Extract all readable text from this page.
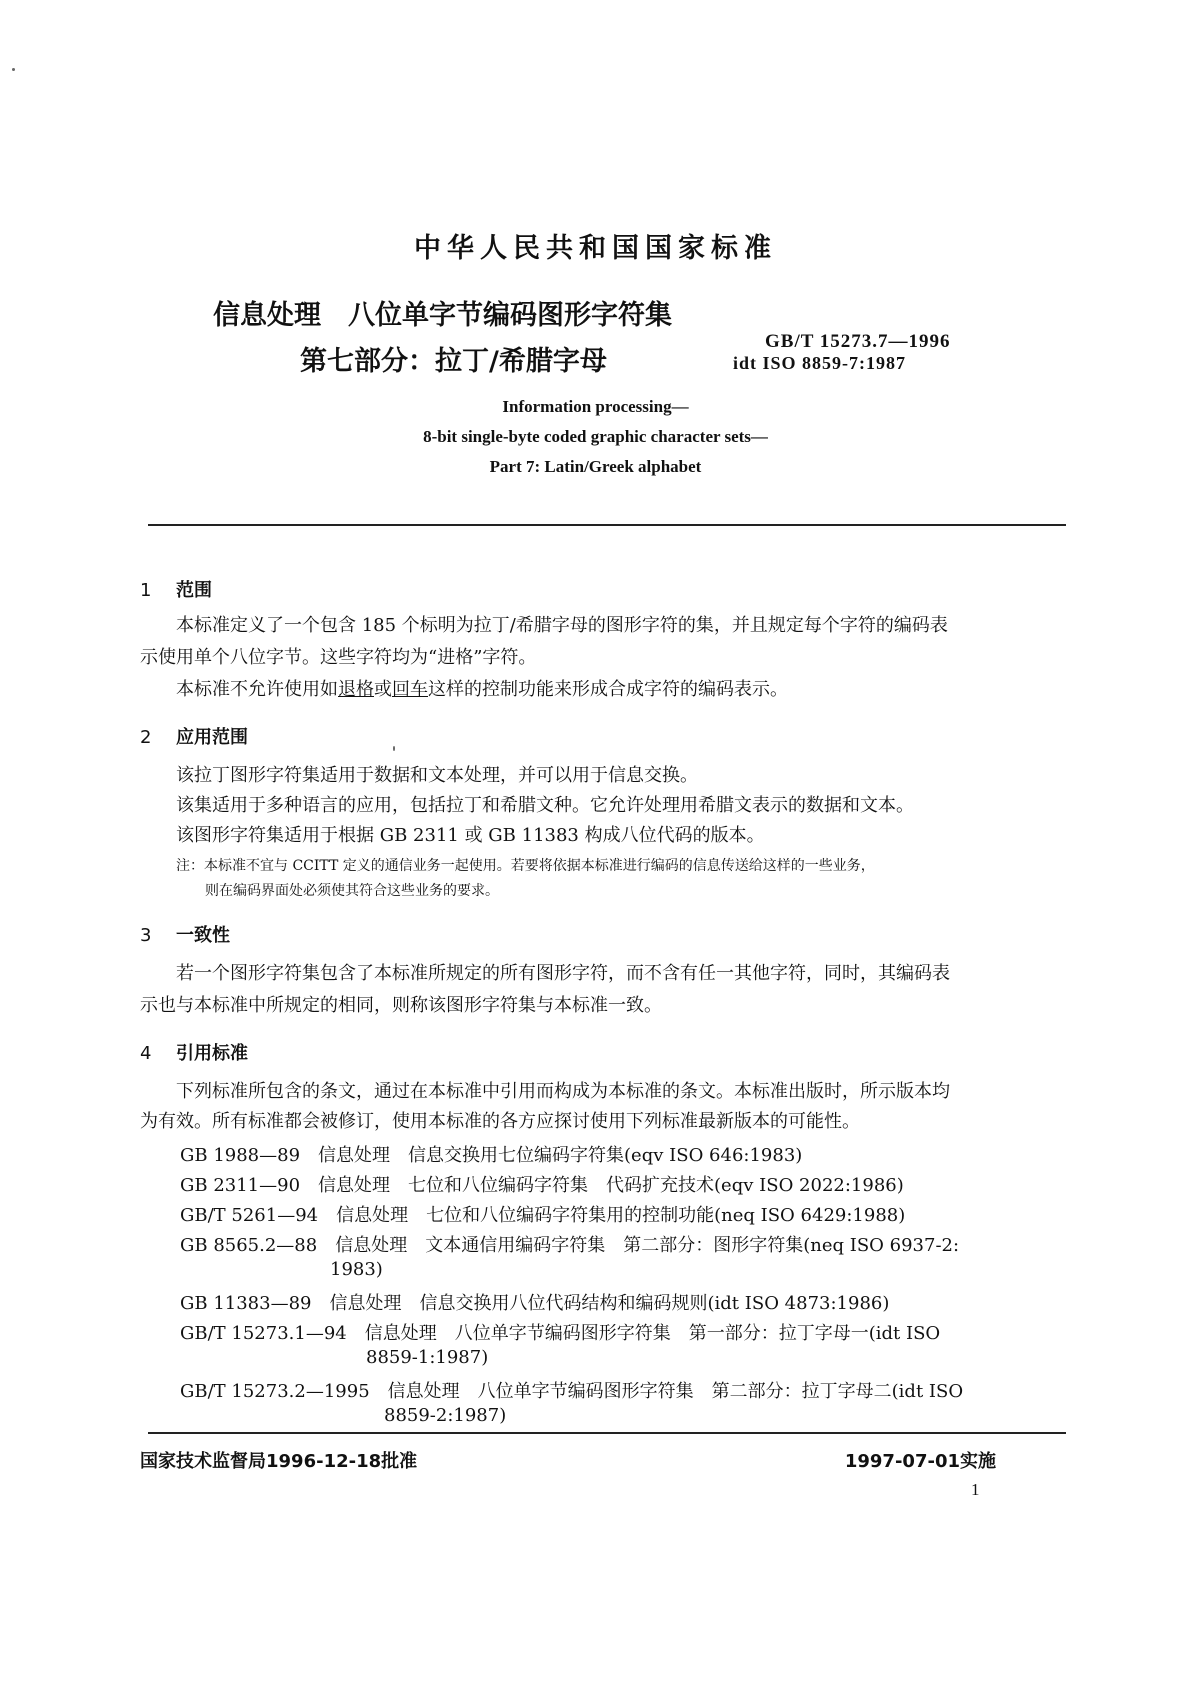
中华人民共和国国家标准
信息处理　八位单字节编码图形字符集
第七部分：拉丁/希腊字母
GB/T 15273.7—1996
idt ISO 8859-7:1987
Information processing—
8-bit single-byte coded graphic character sets—
Part 7: Latin/Greek alphabet
1 范围
本标准定义了一个包含 185 个标明为拉丁/希腊字母的图形字符的集，并且规定每个字符的编码表
示使用单个八位字节。这些字符均为“进格”字符。
本标准不允许使用如退格或回车这样的控制功能来形成合成字符的编码表示。
2 应用范围
该拉丁图形字符集适用于数据和文本处理，并可以用于信息交换。
该集适用于多种语言的应用，包括拉丁和希腊文种。它允许处理用希腊文表示的数据和文本。
该图形字符集适用于根据 GB 2311 或 GB 11383 构成八位代码的版本。
注：本标准不宜与 CCITT 定义的通信业务一起使用。若要将依据本标准进行编码的信息传送给这样的一些业务，
则在编码界面处必须使其符合这些业务的要求。
3 一致性
若一个图形字符集包含了本标准所规定的所有图形字符，而不含有任一其他字符，同时，其编码表
示也与本标准中所规定的相同，则称该图形字符集与本标准一致。
4 引用标准
下列标准所包含的条文，通过在本标准中引用而构成为本标准的条文。本标准出版时，所示版本均
为有效。所有标准都会被修订，使用本标准的各方应探讨使用下列标准最新版本的可能性。
GB 1988—89　信息处理　信息交换用七位编码字符集(eqv ISO 646:1983)
GB 2311—90　信息处理　七位和八位编码字符集　代码扩充技术(eqv ISO 2022:1986)
GB/T 5261—94　信息处理　七位和八位编码字符集用的控制功能(neq ISO 6429:1988)
GB 8565.2—88　信息处理　文本通信用编码字符集　第二部分：图形字符集(neq ISO 6937-2:
1983)
GB 11383—89　信息处理　信息交换用八位代码结构和编码规则(idt ISO 4873:1986)
GB/T 15273.1—94　信息处理　八位单字节编码图形字符集　第一部分：拉丁字母一(idt ISO
8859-1:1987)
GB/T 15273.2—1995　信息处理　八位单字节编码图形字符集　第二部分：拉丁字母二(idt ISO
8859-2:1987)
国家技术监督局1996-12-18批准	1997-07-01实施
1
